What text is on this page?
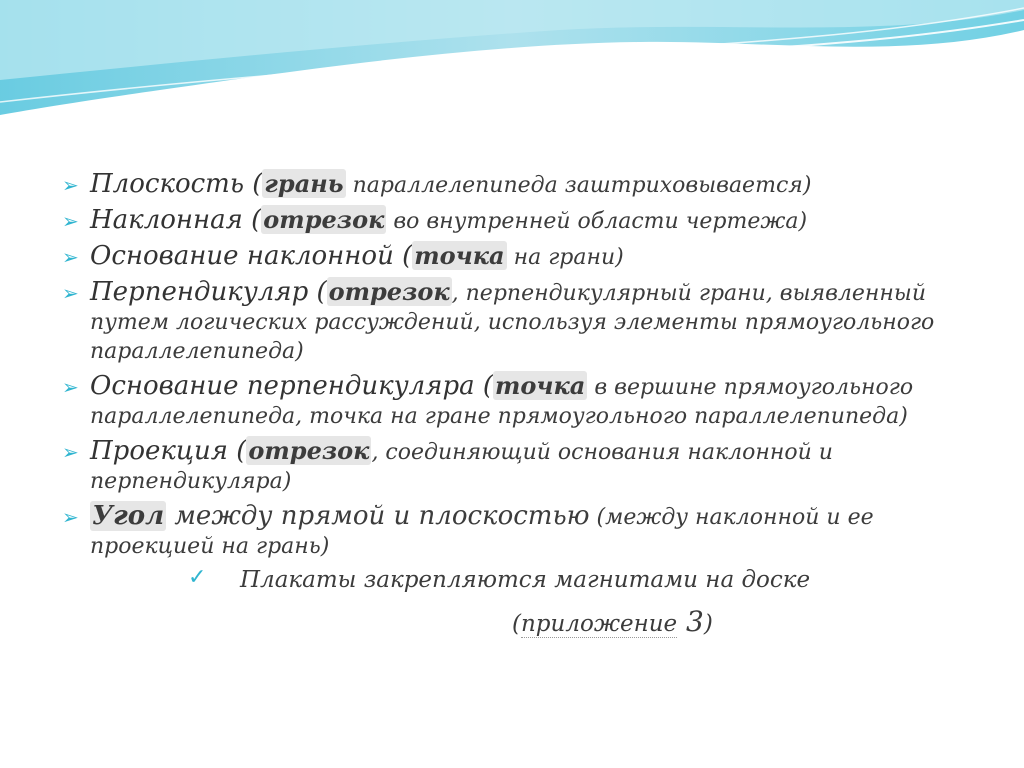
➢ Плоскость (грань параллелепипеда заштриховывается)
➢ Наклонная (отрезок во внутренней области чертежа)
➢ Основание наклонной (точка на грани)
➢ Перпендикуляр (отрезок, перпендикулярный грани, выявленный путем логических рассуждений, используя элементы прямоугольного параллелепипеда)
➢ Основание перпендикуляра (точка в вершине прямоугольного параллелепипеда, точка на гране прямоугольного параллелепипеда)
➢ Проекция (отрезок, соединяющий основания наклонной и перпендикуляра)
➢ Угол между прямой и плоскостью (между наклонной и ее проекцией на грань)
✓ Плакаты закрепляются магнитами на доске
(приложение 3)
